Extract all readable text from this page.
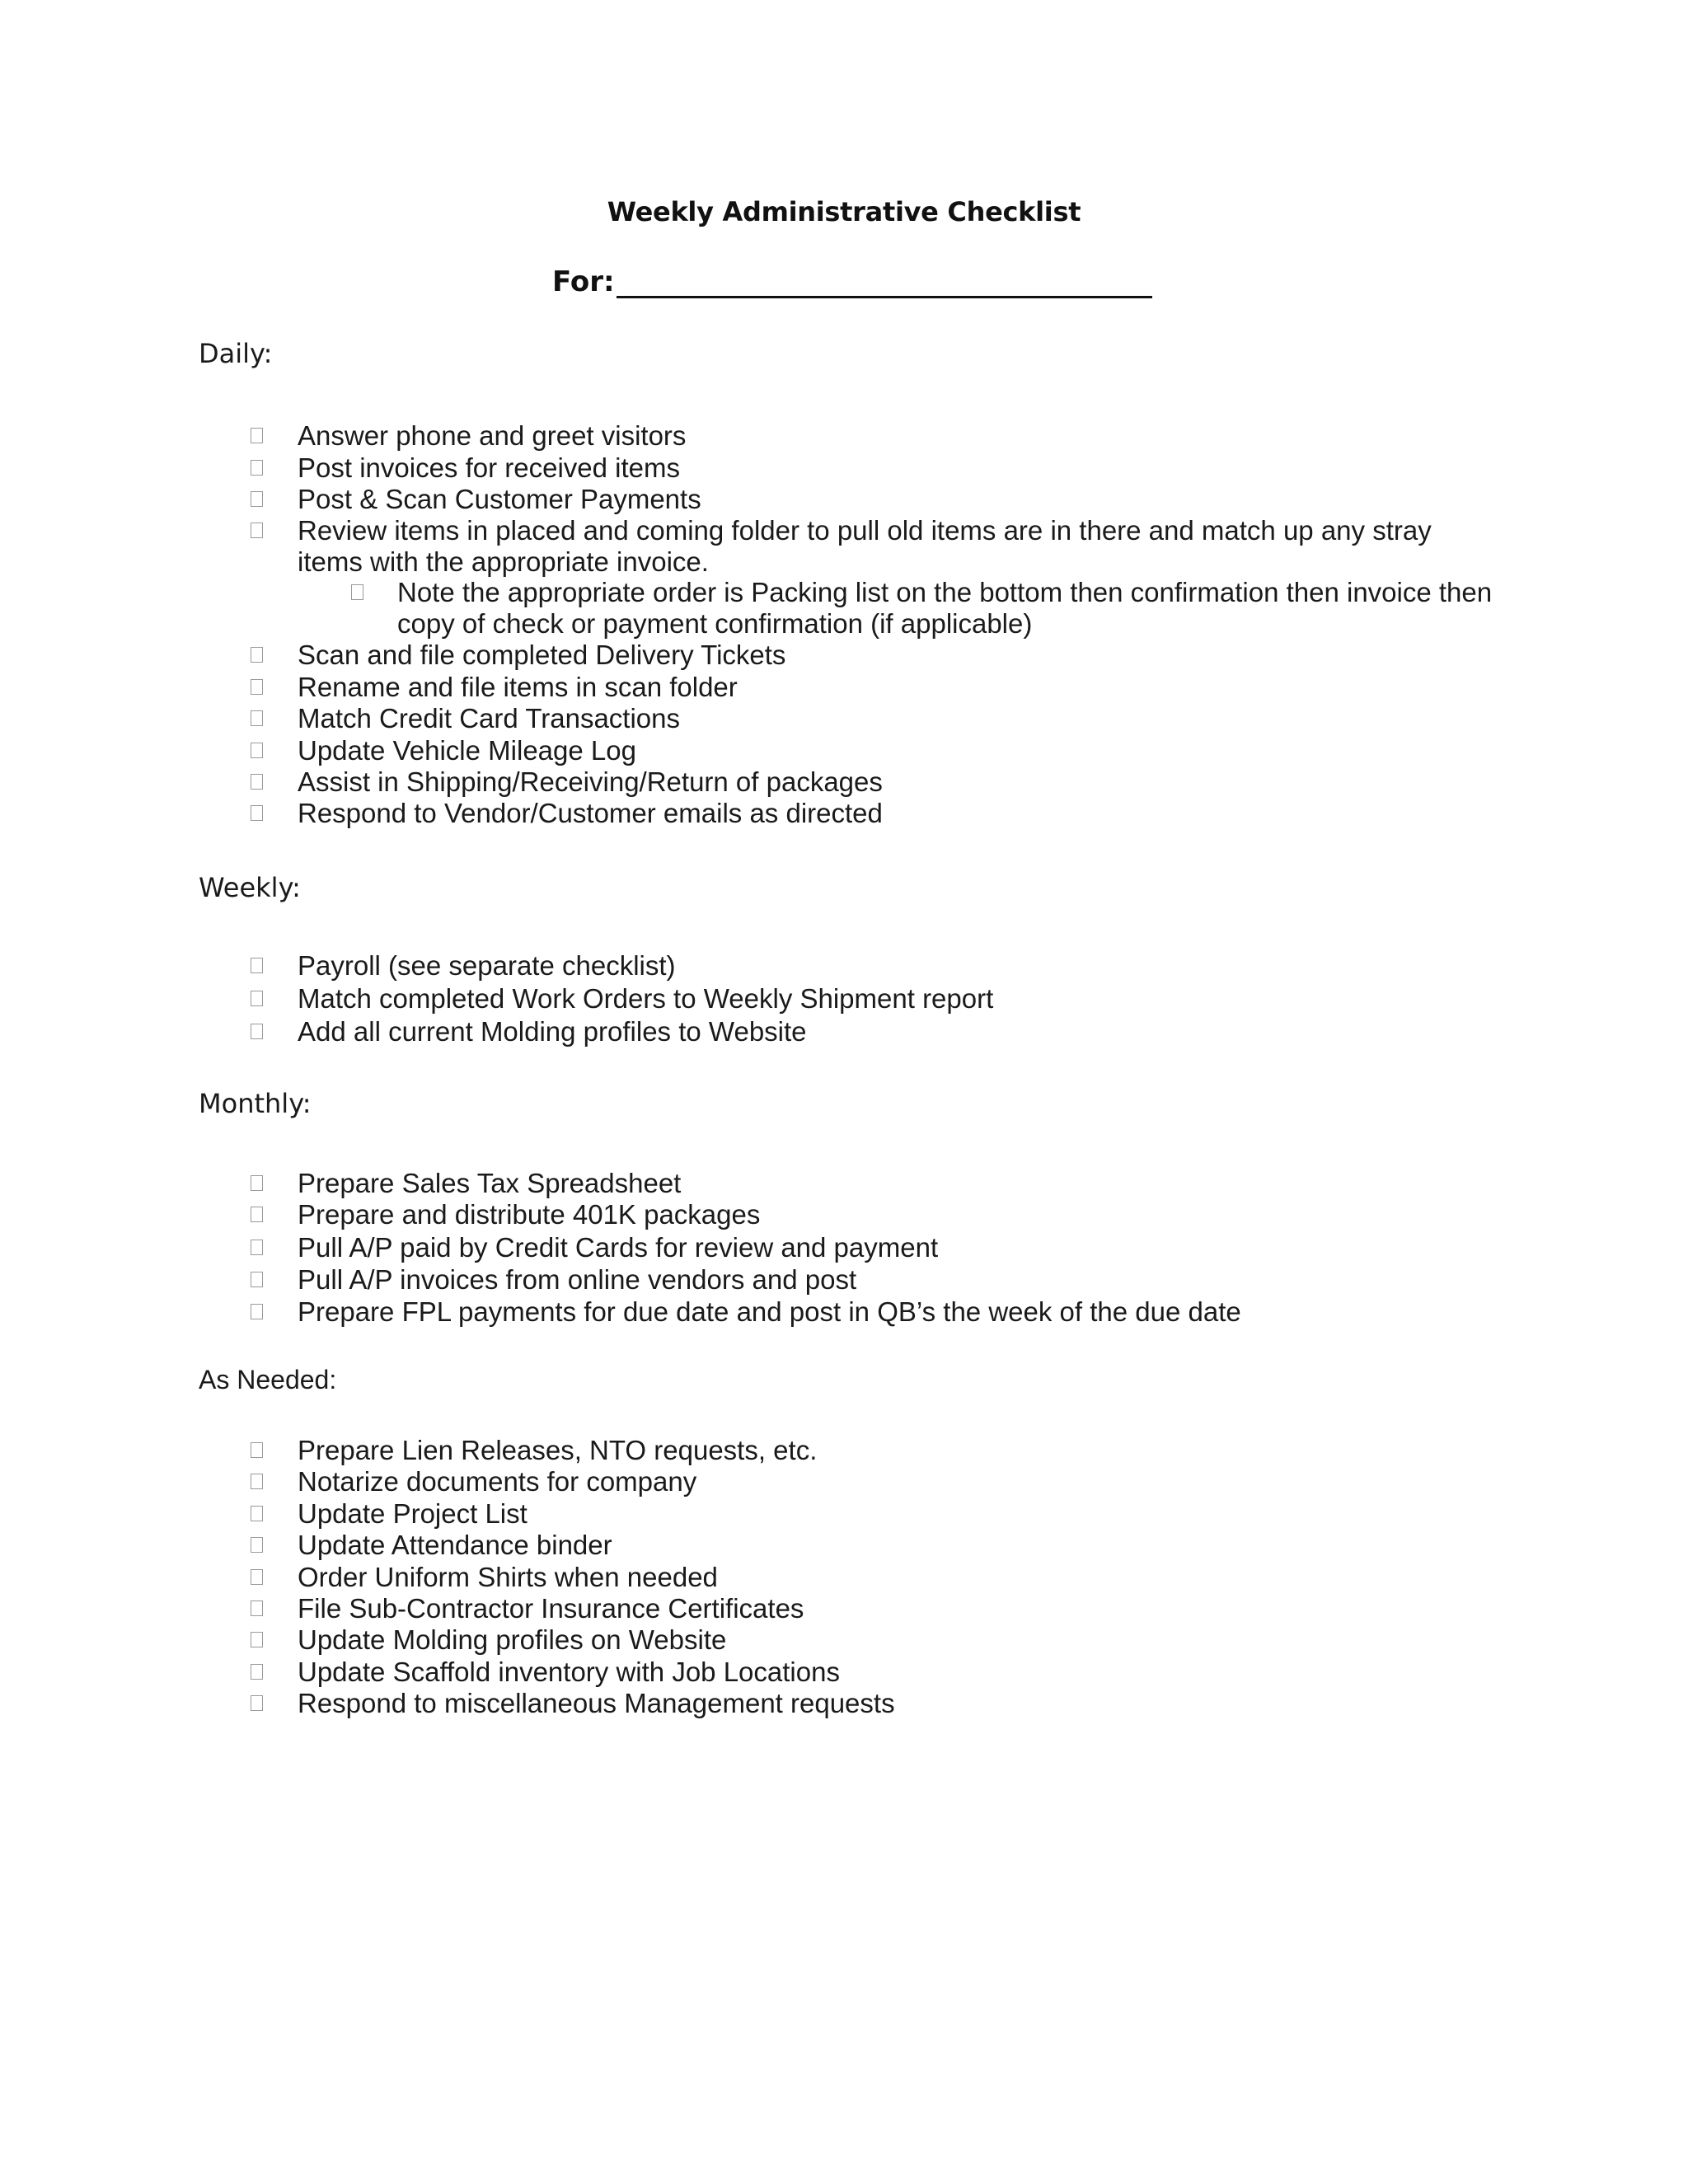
Weekly Administrative Checklist
For:
Daily:
Answer phone and greet visitors
Post invoices for received items
Post & Scan Customer Payments
Review items in placed and coming folder to pull old items are in there and match up any stray items with the appropriate invoice.
Note the appropriate order is Packing list on the bottom then confirmation then invoice then copy of check or payment confirmation (if applicable)
Scan and file completed Delivery Tickets
Rename and file items in scan folder
Match Credit Card Transactions
Update Vehicle Mileage Log
Assist in Shipping/Receiving/Return of packages
Respond to Vendor/Customer emails as directed
Weekly:
Payroll (see separate checklist)
Match completed Work Orders to Weekly Shipment report
Add all current Molding profiles to Website
Monthly:
Prepare Sales Tax Spreadsheet
Prepare and distribute 401K packages
Pull A/P paid by Credit Cards for review and payment
Pull A/P invoices from online vendors and post
Prepare FPL payments for due date and post in QB’s the week of the due date
As Needed:
Prepare Lien Releases, NTO requests, etc.
Notarize documents for company
Update Project List
Update Attendance binder
Order Uniform Shirts when needed
File Sub-Contractor Insurance Certificates
Update Molding profiles on Website
Update Scaffold inventory with Job Locations
Respond to miscellaneous Management requests
